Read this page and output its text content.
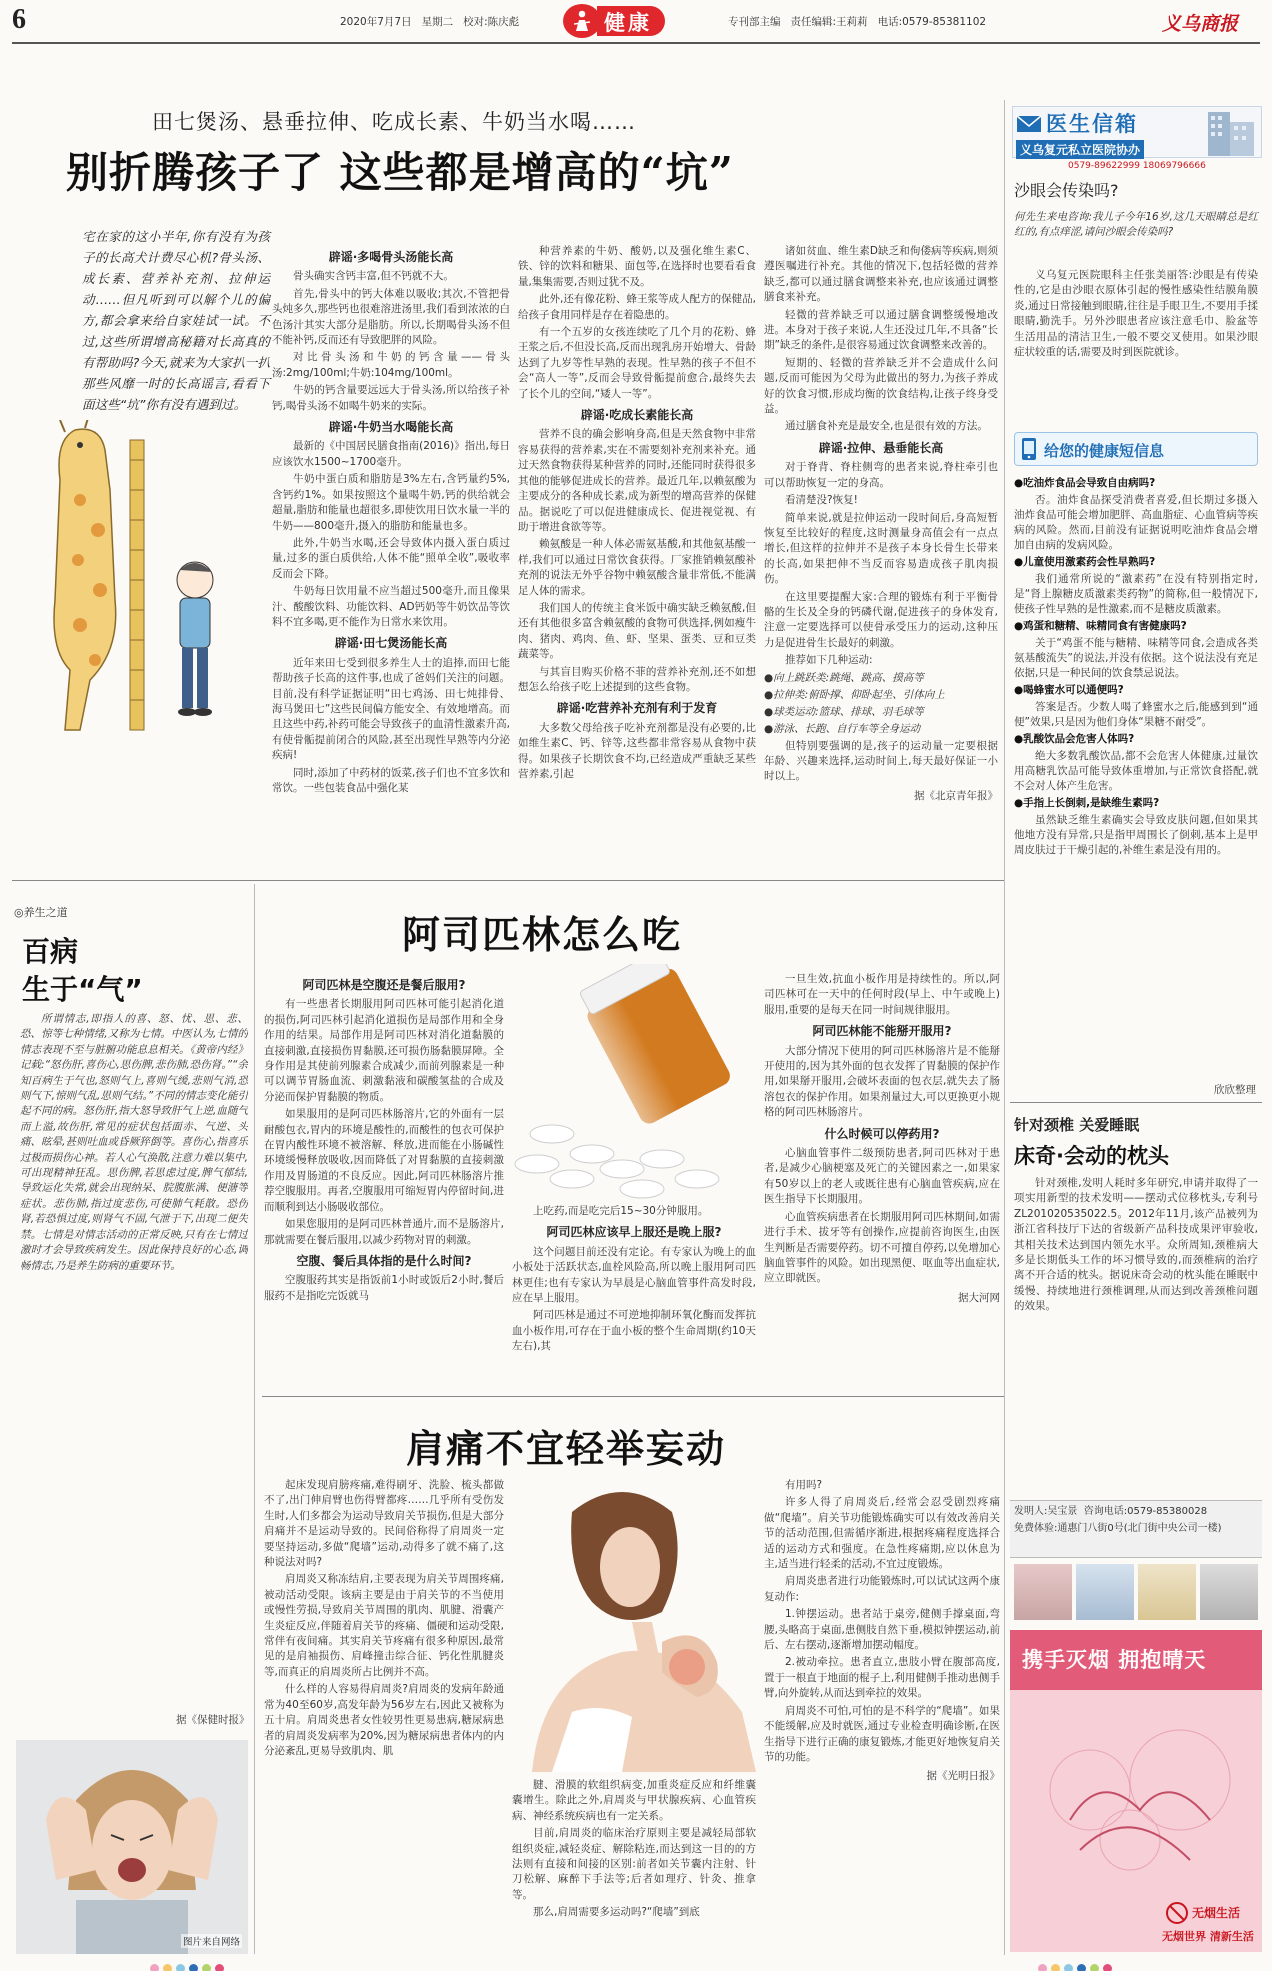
6	2020年7月7日 星期二 校对:陈庆彪	健康	专刊部主编 责任编辑:王莉莉 电话:0579-85381102	义乌商报
田七煲汤、悬垂拉伸、吃成长素、牛奶当水喝……
别折腾孩子了 这些都是增高的“坑”
宅在家的这小半年,你有没有为孩子的长高犬计费尽心机?骨头汤、成长素、营养补充剂、拉伸运动……但凡听到可以解个儿的偏方,都会拿来给自家娃试一试。不过,这些所谓增高秘籍对长高真的有帮助吗?今天,就来为大家扒一扒那些风靡一时的长高谣言,看看下面这些“坑”你有没有遇到过。
辟谣·多喝骨头汤能长高

骨头确实含钙丰富,但不钙就不大。

首先,骨头中的钙大体难以吸收;其次,不管把骨头炖多久,那些钙也很难溶进汤里,我们看到浓浓的白色汤汁其实大部分是脂肪。所以,长期喝骨头汤不但不能补钙,反而还有导致肥胖的风险。

对比骨头汤和牛奶的钙含量——骨头汤:2mg/100ml;牛奶:104mg/100ml。

牛奶的钙含量要远远大于骨头汤,所以给孩子补钙,喝骨头汤不如喝牛奶来的实际。

辟谣·牛奶当水喝能长高

最新的《中国居民膳食指南(2016)》指出,每日应该饮水1500~1700毫升。

牛奶中蛋白质和脂肪是3%左右,含钙量约5%,含钙约1%。如果按照这个量喝牛奶,钙的供给就会超量,脂肪和能量也超很多,即使饮用日饮水量一半的牛奶——800毫升,摄入的脂肪和能量也多。

此外,牛奶当水喝,还会导致体内摄入蛋白质过量,过多的蛋白质供给,人体不能“照单全收”,吸收率反而会下降。

牛奶每日饮用量不应当超过500毫升,而且像果汁、酸酸饮料、功能饮料、AD钙奶等牛奶饮品等饮料不宜多喝,更不能作为日常水来饮用。

辟谣·田七煲汤能长高

近年来田七受到很多养生人士的追捧,而田七能帮助孩子长高的这件事,也成了爸妈们关注的问题。目前,没有科学证据证明“田七鸡汤、田七炖排骨、海马煲田七”这些民间偏方能安全、有效地增高。而且这些中药,补药可能会导致孩子的血清性激素升高,有使骨骺提前闭合的风险,甚至出现性早熟等内分泌疾病!

同时,添加了中药材的饭菜,孩子们也不宜多饮和常饮。一些包装食品中强化某

种营养素的牛奶、酸奶,以及强化维生素C、铁、锌的饮料和糖果、面包等,在选择时也要看看食量,集集需要,否则过犹不及。

此外,还有像花粉、蜂王浆等成人配方的保健品,给孩子食用同样是存在着隐患的。

有一个五岁的女孩连续吃了几个月的花粉、蜂王浆之后,不但没长高,反而出现乳房开始增大、骨龄达到了九岁等性早熟的表现。性早熟的孩子不但不会“高人一等”,反而会导致骨骺提前愈合,最终失去了长个儿的空间,“矮人一等”。

辟谣·吃成长素能长高

营养不良的确会影响身高,但是天然食物中非常容易获得的营养素,实在不需要刻补充剂来补充。通过天然食物获得某种营养的同时,还能同时获得很多其他的能够促进成长的营养。最近几年,以赖氨酸为主要成分的各种成长素,成为新型的增高营养的保健品。据说吃了可以促进健康成长、促进视觉视、有助于增进食欲等等。

赖氨酸是一种人体必需氨基酸,和其他氨基酸一样,我们可以通过日常饮食获得。厂家推销赖氨酸补充剂的说法无外乎谷物中赖氨酸含量非常低,不能满足人体的需求。

我们国人的传统主食米饭中确实缺乏赖氨酸,但还有其他很多富含赖氨酸的食物可供选择,例如瘦牛肉、猪肉、鸡肉、鱼、虾、坚果、蛋类、豆和豆类蔬菜等。

与其盲目购买价格不菲的营养补充剂,还不如想想怎么给孩子吃上述提到的这些食物。

辟谣·吃营养补充剂有利于发育

大多数父母给孩子吃补充剂都是没有必要的,比如维生素C、钙、锌等,这些都非常容易从食物中获得。如果孩子长期饮食不均,已经造成严重缺乏某些营养素,引起

诸如贫血、维生素D缺乏和佝偻病等疾病,则须遵医嘱进行补充。其他的情况下,包括轻微的营养缺乏,都可以通过膳食调整来补充,也应该通过调整膳食来补充。

轻微的营养缺乏可以通过膳食调整缓慢地改进。本身对于孩子来说,人生还没过几年,不具备“长期”缺乏的条件,是很容易通过饮食调整来改善的。

短期的、轻微的营养缺乏并不会造成什么问题,反而可能因为父母为此做出的努力,为孩子养成好的饮食习惯,形成均衡的饮食结构,让孩子终身受益。

通过膳食补充是最安全,也是很有效的方法。

辟谣·拉伸、悬垂能长高

对于脊背、脊柱侧弯的患者来说,脊柱牵引也可以帮助恢复一定的身高。

看清楚没?恢复!

简单来说,就是拉伸运动一段时间后,身高短暂恢复至比较好的程度,这时测量身高值会有一点点增长,但这样的拉伸并不是孩子本身长骨生长带来的长高,如果把伸不当反而容易造成孩子肌肉损伤。

在这里要提醒大家:合理的锻炼有利于平衡骨骼的生长及全身的钙磷代谢,促进孩子的身体发育,注意一定要选择可以使骨承受压力的运动,这种压力是促进骨生长最好的刺激。

推荐如下几种运动:

●向上跳跃类:跳绳、跳高、摸高等
●拉伸类:俯卧撑、仰卧起坐、引体向上
●球类运动:篮球、排球、羽毛球等
●游泳、长跑、自行车等全身运动

但特别要强调的是,孩子的运动量一定要根据年龄、兴趣来选择,运动时间上,每天最好保证一小时以上。

据《北京青年报》
医生信箱
义乌复元私立医院协办
0579-89622999 18069796666
沙眼会传染吗?
何先生来电咨询:我儿子今年16岁,这几天眼睛总是红红的,有点痒涩,请问沙眼会传染吗?
义乌复元医院眼科主任张美丽答:沙眼是有传染性的,它是由沙眼衣原体引起的慢性感染性结膜角膜炎,通过日常接触到眼睛,往往是手眼卫生,不要用手揉眼睛,勤洗手。另外沙眼患者应该注意毛巾、脸盆等生活用品的清洁卫生,一般不要交叉使用。如果沙眼症状较重的话,需要及时到医院就诊。
给您的健康短信息
●吃油炸食品会导致自由病吗?
否。油炸食品探受消费者喜爱,但长期过多摄入油炸食品可能会增加肥胖、高血脂症、心血管病等疾病的风险。然而,目前没有证据说明吃油炸食品会增加自由病的发病风险。
●儿童使用激素药会性早熟吗?
我们通常所说的“激素药”在没有特别指定时,是“肾上腺糖皮质激素类药物”的简称,但一般情况下,使孩子性早熟的是性激素,而不是糖皮质激素。
●鸡蛋和糖精、味精同食有害健康吗?
关于“鸡蛋不能与糖精、味精等同食,会造成各类氨基酸流失”的说法,并没有依据。这个说法没有充足依据,只是一种民间的饮食禁忌说法。
●喝蜂蜜水可以通便吗?
答案是否。少数人喝了蜂蜜水之后,能感到到“通便”效果,只是因为他们身体“果糖不耐受”。
●乳酸饮品会危害人体吗?
绝大多数乳酸饮品,都不会危害人体健康,过量饮用高糖乳饮品可能导致体重增加,与正常饮食搭配,就不会对人体产生危害。
●手指上长倒刺,是缺维生素吗?
虽然缺乏维生素确实会导致皮肤问题,但如果其他地方没有异常,只是指甲周围长了倒刺,基本上是甲周皮肤过于干燥引起的,补维生素是没有用的。
欣欣整理
针对颈椎 关爱睡眠
床奇·会动的枕头
针对颈椎,发明人耗时多年研究,申请并取得了一项实用新型的技术发明——摆动式位移枕头,专利号ZL201020535022.5。2012年11月,该产品被列为浙江省科技厅下达的省级新产品科技成果评审验收,其相关技术达到国内领先水平。众所周知,颈椎病大多是长期低头工作的坏习惯导致的,而颈椎病的治疗离不开合适的枕头。据说床奇会动的枕头能在睡眠中缓慢、持续地进行颈椎调理,从而达到改善颈椎问题的效果。
发明人:吴宝景 咨询电话:0579-85380028
免费体验:通惠门八街0号(北门街中央公司一楼)
携手灭烟 拥抱晴天
无烟生活
无烟世界 清新生活
◎养生之道
百病
生于“气”
所谓情志,即指人的喜、怒、忧、思、悲、恐、惊等七种情绪,又称为七情。中医认为,七情的情志表现不至与脏腑功能息息相关。《黄帝内经》记载:“怒伤肝,喜伤心,思伤脾,悲伤肺,恐伤肾。”“余知百病生于气也,怒则气上,喜则气缓,悲则气消,恐则气下,惊则气乱,思则气结。”不同的情志变化能引起不同的病。怒伤肝,指大怒导致肝气上逆,血随气而上溢,故伤肝,常见的症状包括面赤、气逆、头痛、眩晕,甚则吐血或昏厥猝倒等。喜伤心,指喜乐过极而损伤心神。若人心气涣散,注意力难以集中,可出现精神狂乱。思伤脾,若思虑过度,脾气郁结,导致运化失常,就会出现纳呆、脘腹胀满、便溏等症状。悲伤肺,指过度悲伤,可使肺气耗散。恐伤肾,若恐惧过度,则肾气不固,气泄于下,出现二便失禁。七情是对情志活动的正常反映,只有在七情过激时才会导致疾病发生。因此保持良好的心态,调畅情志,乃是养生防病的重要环节。
据《保健时报》
图片来自网络
阿司匹林怎么吃
阿司匹林是空腹还是餐后服用?

有一些患者长期服用阿司匹林可能引起消化道的损伤,阿司匹林引起消化道损伤是局部作用和全身作用的结果。局部作用是阿司匹林对消化道黏膜的直接刺激,直接损伤胃黏膜,还可损伤肠黏膜屏障。全身作用是其使前列腺素合成减少,而前列腺素是一种可以调节胃肠血流、刺激黏液和碳酸氢盐的合成及分泌而保护胃黏膜的物质。

如果服用的是阿司匹林肠溶片,它的外面有一层耐酸包衣,胃内的环境是酸性的,而酸性的包衣可保护在胃内酸性环境不被溶解、释放,进而能在小肠碱性环境缓慢释放吸收,因而降低了对胃黏膜的直接刺激作用及胃肠道的不良反应。因此,阿司匹林肠溶片推荐空腹服用。再者,空腹服用可缩短胃内停留时间,进而顺利到达小肠吸收部位。

如果您服用的是阿司匹林普通片,而不是肠溶片,那就需要在餐后服用,以减少药物对胃的刺激。

空腹、餐后具体指的是什么时间?

空腹服药其实是指饭前1小时或饭后2小时,餐后服药不是指吃完饭就马

上吃药,而是吃完后15~30分钟服用。

阿司匹林应该早上服还是晚上服?

这个问题目前还没有定论。有专家认为晚上的血小板处于活跃状态,血栓风险高,所以晚上服用阿司匹林更佳;也有专家认为早晨是心脑血管事件高发时段,应在早上服用。

阿司匹林是通过不可逆地抑制环氧化酶而发挥抗血小板作用,可存在于血小板的整个生命周期(约10天左右),其

一旦生效,抗血小板作用是持续性的。所以,阿司匹林可在一天中的任何时段(早上、中午或晚上)服用,重要的是每天在同一时间规律服用。

阿司匹林能不能掰开服用?

大部分情况下使用的阿司匹林肠溶片是不能掰开使用的,因为其外面的包衣发挥了胃黏膜的保护作用,如果掰开服用,会破坏表面的包衣层,就失去了肠溶包衣的保护作用。如果剂量过大,可以更换更小规格的阿司匹林肠溶片。

什么时候可以停药用?

心脑血管事件二级预防患者,阿司匹林对于患者,是减少心脑梗塞及死亡的关键因素之一,如果家有50岁以上的老人或既往患有心脑血管疾病,应在医生指导下长期服用。

心血管疾病患者在长期服用阿司匹林期间,如需进行手术、拔牙等有创操作,应提前咨询医生,由医生判断是否需要停药。切不可擅自停药,以免增加心脑血管事件的风险。如出现黑便、呕血等出血症状,应立即就医。

据大河网
肩痛不宜轻举妄动

起床发现肩膀疼痛,难得刷牙、洗脸、梳头都做不了,出门伸肩臂也伤得臂都疼……几乎所有受伤发生时,人们多都会为运动导致肩关节损伤,但是大部分肩痛并不是运动导致的。民间俗称得了肩周炎一定要坚持运动,多做“爬墙”运动,动得多了就不痛了,这种说法对吗?

肩周炎又称冻结肩,主要表现为肩关节周围疼痛,被动活动受限。该病主要是由于肩关节的不当使用或慢性劳损,导致肩关节周围的肌肉、肌腱、滑囊产生炎症反应,伴随着肩关节的疼痛、僵硬和运动受限,常伴有夜间痛。其实肩关节疼痛有很多种原因,最常见的是肩袖损伤、肩峰撞击综合征、钙化性肌腱炎等,而真正的肩周炎所占比例并不高。

什么样的人容易得肩周炎?肩周炎的发病年龄通常为40至60岁,高发年龄为56岁左右,因此又被称为五十肩。肩周炎患者女性较男性更易患病,糖尿病患者的肩周炎发病率为20%,因为糖尿病患者体内的内分泌紊乱,更易导致肌肉、肌

腱、滑膜的软组织病变,加重炎症反应和纤维囊囊增生。除此之外,肩周炎与甲状腺疾病、心血管疾病、神经系统疾病也有一定关系。

目前,肩周炎的临床治疗原则主要是减轻局部软组织炎症,减轻炎症、解除粘连,而达到这一目的的方法则有直接和间接的区别:前者如关节囊内注射、针刀松解、麻醉下手法等;后者如理疗、针灸、推拿等。

那么,肩周需要多运动吗?“爬墙”到底

有用吗?

许多人得了肩周炎后,经常会忍受剧烈疼痛做“爬墙”。肩关节功能锻炼确实可以有效改善肩关节的活动范围,但需循序渐进,根据疼痛程度选择合适的运动方式和强度。在急性疼痛期,应以休息为主,适当进行轻柔的活动,不宜过度锻炼。

肩周炎患者进行功能锻炼时,可以试试这两个康复动作:

1.钟摆运动。患者站于桌旁,健侧手撑桌面,弯腰,头略高于桌面,患侧肢自然下垂,模拟钟摆运动,前后、左右摆动,逐渐增加摆动幅度。

2.被动牵拉。患者直立,患肢小臂在腹部高度,置于一根直于地面的棍子上,利用健侧手推动患侧手臂,向外旋转,从而达到牵拉的效果。

肩周炎不可怕,可怕的是不科学的“爬墙”。如果不能缓解,应及时就医,通过专业检查明确诊断,在医生指导下进行正确的康复锻炼,才能更好地恢复肩关节的功能。

据《光明日报》
